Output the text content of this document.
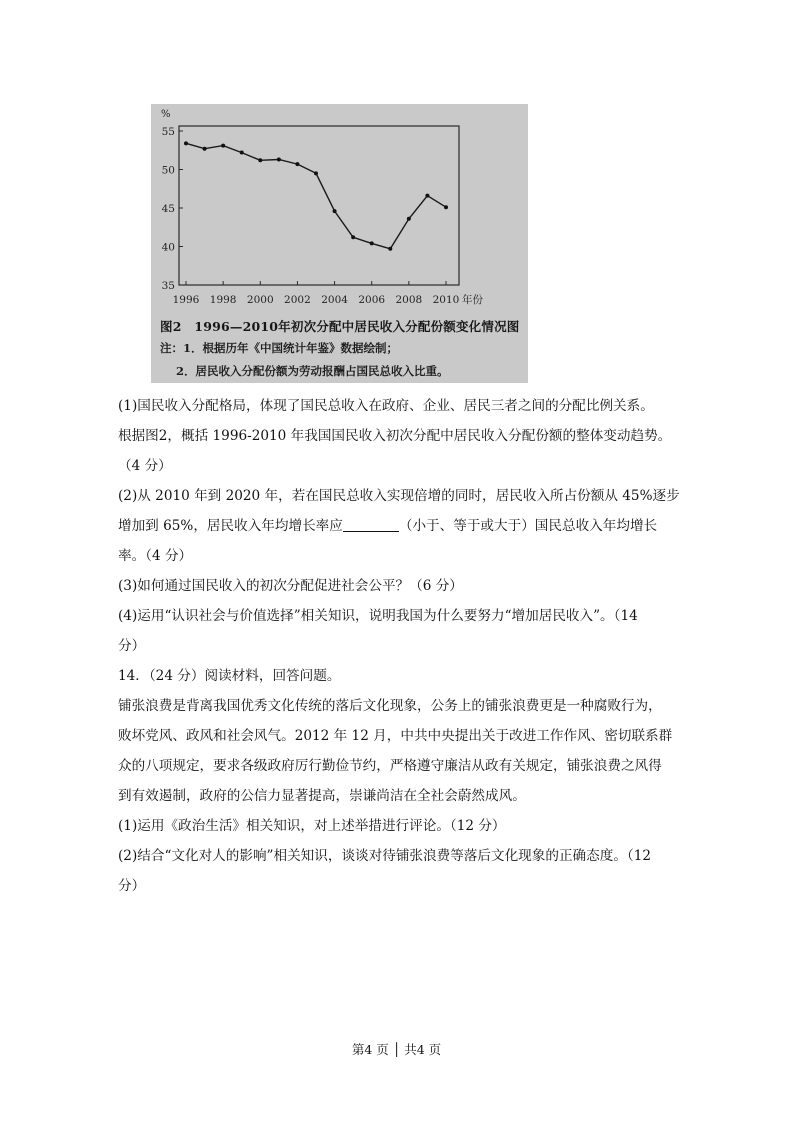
%
55
50
45
40
35
1996 1998 2000 2002 2004 2006 2008 2010 年份
图2　1996—2010年初次分配中居民收入分配份额变化情况图
注：1．根据历年《中国统计年鉴》数据绘制；
2．居民收入分配份额为劳动报酬占国民总收入比重。
(1)国民收入分配格局，体现了国民总收入在政府、企业、居民三者之间的分配比例关系。
根据图2，概括 1996-2010 年我国国民收入初次分配中居民收入分配份额的整体变动趋势。
（4 分）
(2)从 2010 年到 2020 年，若在国民总收入实现倍增的同时，居民收入所占份额从 45%逐步
增加到 65%，居民收入年均增长率应	（小于、等于或大于）国民总收入年均增长
率。（4 分）
(3)如何通过国民收入的初次分配促进社会公平？（6 分）
(4)运用“认识社会与价值选择”相关知识，说明我国为什么要努力“增加居民收入”。（14
分）
14．（24 分）阅读材料，回答问题。
铺张浪费是背离我国优秀文化传统的落后文化现象，公务上的铺张浪费更是一种腐败行为，
败坏党风、政风和社会风气。2012 年 12 月，中共中央提出关于改进工作作风、密切联系群
众的八项规定，要求各级政府厉行勤俭节约，严格遵守廉洁从政有关规定，铺张浪费之风得
到有效遏制，政府的公信力显著提高，崇谦尚洁在全社会蔚然成风。
(1)运用《政治生活》相关知识，对上述举措进行评论。（12 分）
(2)结合“文化对人的影响”相关知识，谈谈对待铺张浪费等落后文化现象的正确态度。（12
分）
第4 页 │ 共4 页
